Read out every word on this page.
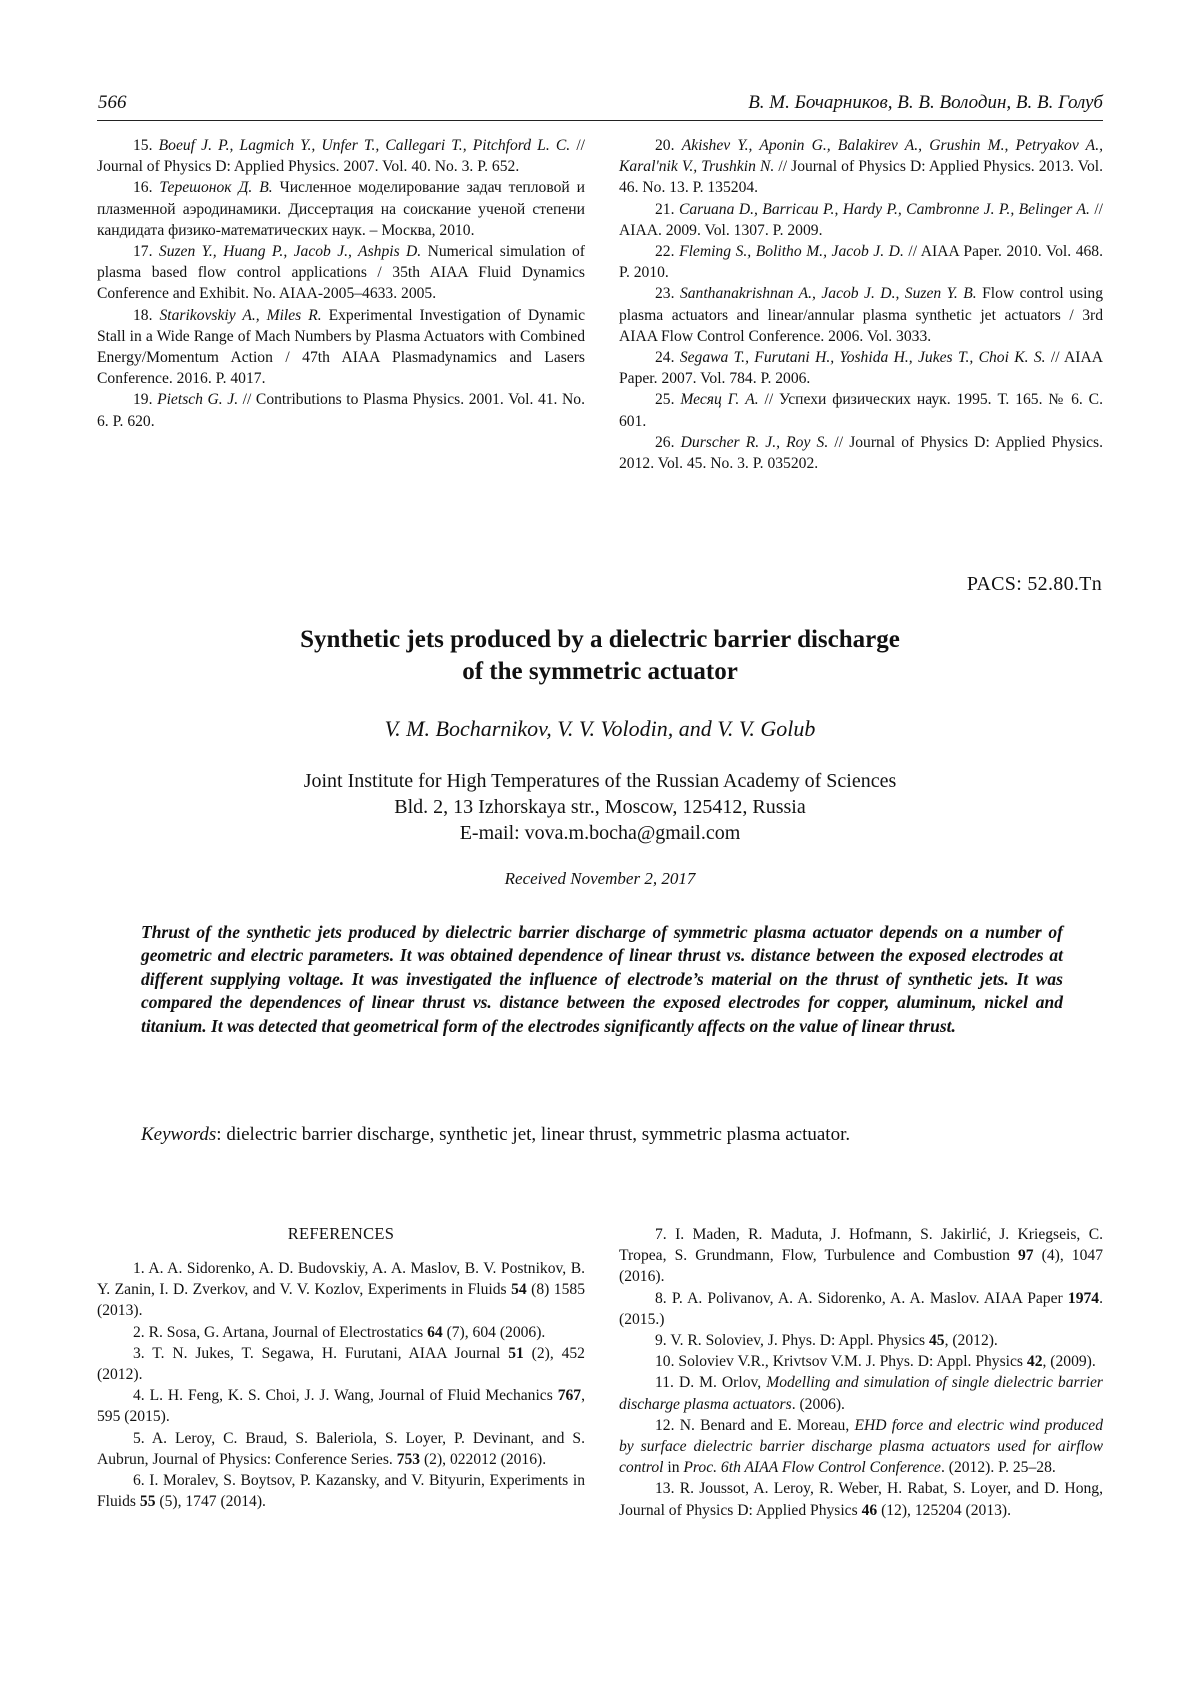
566	В. М. Бочарников, В. В. Володин, В. В. Голуб

15. Boeuf J. P., Lagmich Y., Unfer T., Callegari T., Pitchford L. C. // Journal of Physics D: Applied Physics. 2007. Vol. 40. No. 3. P. 652.

16. Терешонок Д. В. Численное моделирование задач тепловой и плазменной аэродинамики. Диссертация на соискание ученой степени кандидата физико-математических наук. – Москва, 2010.

17. Suzen Y., Huang P., Jacob J., Ashpis D. Numerical simulation of plasma based flow control applications / 35th AIAA Fluid Dynamics Conference and Exhibit. No. AIAA-2005–4633. 2005.

18. Starikovskiy A., Miles R. Experimental Investigation of Dynamic Stall in a Wide Range of Mach Numbers by Plasma Actuators with Combined Energy/Momentum Action / 47th AIAA Plasmadynamics and Lasers Conference. 2016. P. 4017.

19. Pietsch G. J. // Contributions to Plasma Physics. 2001. Vol. 41. No. 6. P. 620.

20. Akishev Y., Aponin G., Balakirev A., Grushin M., Petryakov A., Karal'nik V., Trushkin N. // Journal of Physics D: Applied Physics. 2013. Vol. 46. No. 13. P. 135204.

21. Caruana D., Barricau P., Hardy P., Cambronne J. P., Belinger A. // AIAA. 2009. Vol. 1307. P. 2009.

22. Fleming S., Bolitho M., Jacob J. D. // AIAA Paper. 2010. Vol. 468. P. 2010.

23. Santhanakrishnan A., Jacob J. D., Suzen Y. B. Flow control using plasma actuators and linear/annular plasma synthetic jet actuators / 3rd AIAA Flow Control Conference. 2006. Vol. 3033.

24. Segawa T., Furutani H., Yoshida H., Jukes T., Choi K. S. // AIAA Paper. 2007. Vol. 784. P. 2006.

25. Месяц Г. А. // Успехи физических наук. 1995. Т. 165. № 6. С. 601.

26. Durscher R. J., Roy S. // Journal of Physics D: Applied Physics. 2012. Vol. 45. No. 3. P. 035202.

PACS: 52.80.Tn
Synthetic jets produced by a dielectric barrier discharge
of the symmetric actuator
V. M. Bocharnikov, V. V. Volodin, and V. V. Golub
Joint Institute for High Temperatures of the Russian Academy of Sciences
Bld. 2, 13 Izhorskaya str., Moscow, 125412, Russia
E-mail: vova.m.bocha@gmail.com
Received November 2, 2017
Thrust of the synthetic jets produced by dielectric barrier discharge of symmetric plasma actuator depends on a number of geometric and electric parameters. It was obtained dependence of linear thrust vs. distance between the exposed electrodes at different supplying voltage. It was investigated the influence of electrode’s material on the thrust of synthetic jets. It was compared the dependences of linear thrust vs. distance between the exposed electrodes for copper, aluminum, nickel and titanium. It was detected that geometrical form of the electrodes significantly affects on the value of linear thrust.
Keywords: dielectric barrier discharge, synthetic jet, linear thrust, symmetric plasma actuator.
REFERENCES

1. A. A. Sidorenko, A. D. Budovskiy, A. A. Maslov, B. V. Postnikov, B. Y. Zanin, I. D. Zverkov, and V. V. Kozlov, Experiments in Fluids 54 (8) 1585 (2013).

2. R. Sosa, G. Artana, Journal of Electrostatics 64 (7), 604 (2006).

3. T. N. Jukes, T. Segawa, H. Furutani, AIAA Journal 51 (2), 452 (2012).

4. L. H. Feng, K. S. Choi, J. J. Wang, Journal of Fluid Mechanics 767, 595 (2015).

5. A. Leroy, C. Braud, S. Baleriola, S. Loyer, P. Devinant, and S. Aubrun, Journal of Physics: Conference Series. 753 (2), 022012 (2016).

6. I. Moralev, S. Boytsov, P. Kazansky, and V. Bityurin, Experiments in Fluids 55 (5), 1747 (2014).

7. I. Maden, R. Maduta, J. Hofmann, S. Jakirlić, J. Kriegseis, C. Tropea, S. Grundmann, Flow, Turbulence and Combustion 97 (4), 1047 (2016).

8. P. A. Polivanov, A. A. Sidorenko, A. A. Maslov. AIAA Paper 1974. (2015.)

9. V. R. Soloviev, J. Phys. D: Appl. Physics 45, (2012).

10. Soloviev V.R., Krivtsov V.M. J. Phys. D: Appl. Physics 42, (2009).

11. D. M. Orlov, Modelling and simulation of single dielectric barrier discharge plasma actuators. (2006).

12. N. Benard and E. Moreau, EHD force and electric wind produced by surface dielectric barrier discharge plasma actuators used for airflow control in Proc. 6th AIAA Flow Control Conference. (2012). P. 25–28.

13. R. Joussot, A. Leroy, R. Weber, H. Rabat, S. Loyer, and D. Hong, Journal of Physics D: Applied Physics 46 (12), 125204 (2013).
